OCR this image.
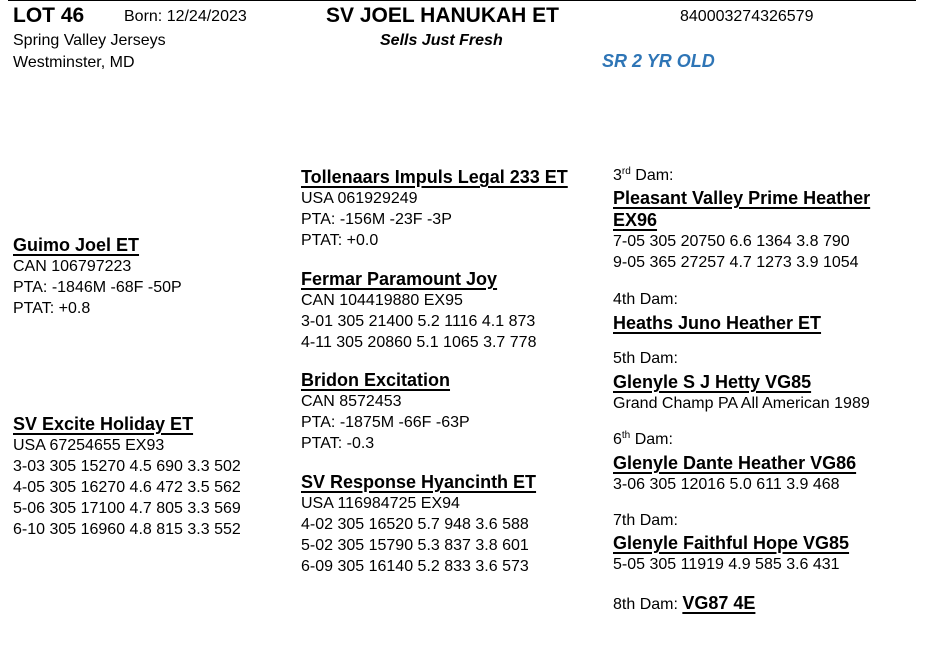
LOT 46 Born: 12/24/2023	SV JOEL HANUKAH ET	840003274326579
Spring Valley Jerseys
Westminster, MD
Sells Just Fresh
SR 2 YR OLD
Guimo Joel ET
CAN 106797223
PTA: -1846M -68F -50P
PTAT: +0.8
SV Excite Holiday ET
USA 67254655 EX93
3-03 305 15270 4.5 690 3.3 502
4-05 305 16270 4.6 472 3.5 562
5-06 305 17100 4.7 805 3.3 569
6-10 305 16960 4.8 815 3.3 552
Tollenaars Impuls Legal 233 ET
USA 061929249
PTA: -156M -23F -3P
PTAT: +0.0
Fermar Paramount Joy
CAN 104419880 EX95
3-01 305 21400 5.2 1116 4.1 873
4-11 305 20860 5.1 1065 3.7 778
Bridon Excitation
CAN 8572453
PTA: -1875M -66F -63P
PTAT: -0.3
SV Response Hyancinth ET
USA 116984725 EX94
4-02 305 16520 5.7 948 3.6 588
5-02 305 15790 5.3 837 3.8 601
6-09 305 16140 5.2 833 3.6 573
3rd Dam:
Pleasant Valley Prime Heather
EX96
7-05 305 20750 6.6 1364 3.8 790
9-05 365 27257 4.7 1273 3.9 1054
4th Dam:
Heaths Juno Heather ET
5th Dam:
Glenyle S J Hetty VG85
Grand Champ PA All American 1989
6th Dam:
Glenyle Dante Heather VG86
3-06 305 12016 5.0 611 3.9 468
7th Dam:
Glenyle Faithful Hope VG85
5-05 305 11919 4.9 585 3.6 431
8th Dam: VG87 4E
